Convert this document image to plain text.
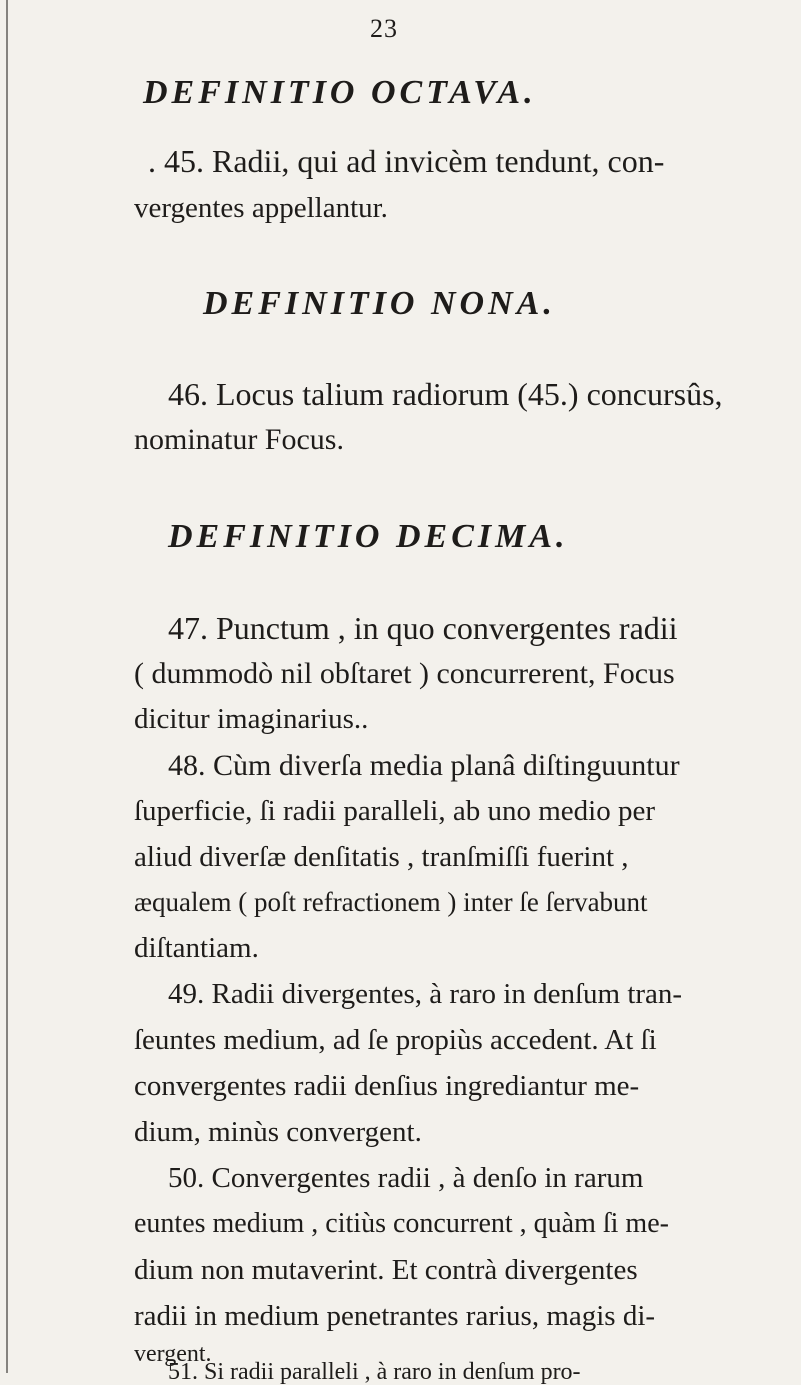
23
DEFINITIO OCTAVA.
. 45. Radii, qui ad invicèm tendunt, con-
vergentes appellantur.
DEFINITIO NONA.
46. Locus talium radiorum (45.) concursûs,
nominatur Focus.
DEFINITIO DECIMA.
47. Punctum , in quo convergentes radii
( dummodò nil obſtaret ) concurrerent, Focus
dicitur imaginarius..
48. Cùm diverſa media planâ diſtinguuntur
ſuperficie, ſi radii paralleli, ab uno medio per
aliud diverſæ denſitatis , tranſmiſſi fuerint ,
æqualem ( poſt refractionem ) inter ſe ſervabunt
diſtantiam.
49. Radii divergentes, à raro in denſum tran-
ſeuntes medium, ad ſe propiùs accedent. At ſi
convergentes radii denſius ingrediantur me-
dium, minùs convergent.
50. Convergentes radii , à denſo in rarum
euntes medium , citiùs concurrent , quàm ſi me-
dium non mutaverint. Et contrà divergentes
radii in medium penetrantes rarius, magis di-
vergent.
51. Si radii paralleli , à raro in denſum pro-
